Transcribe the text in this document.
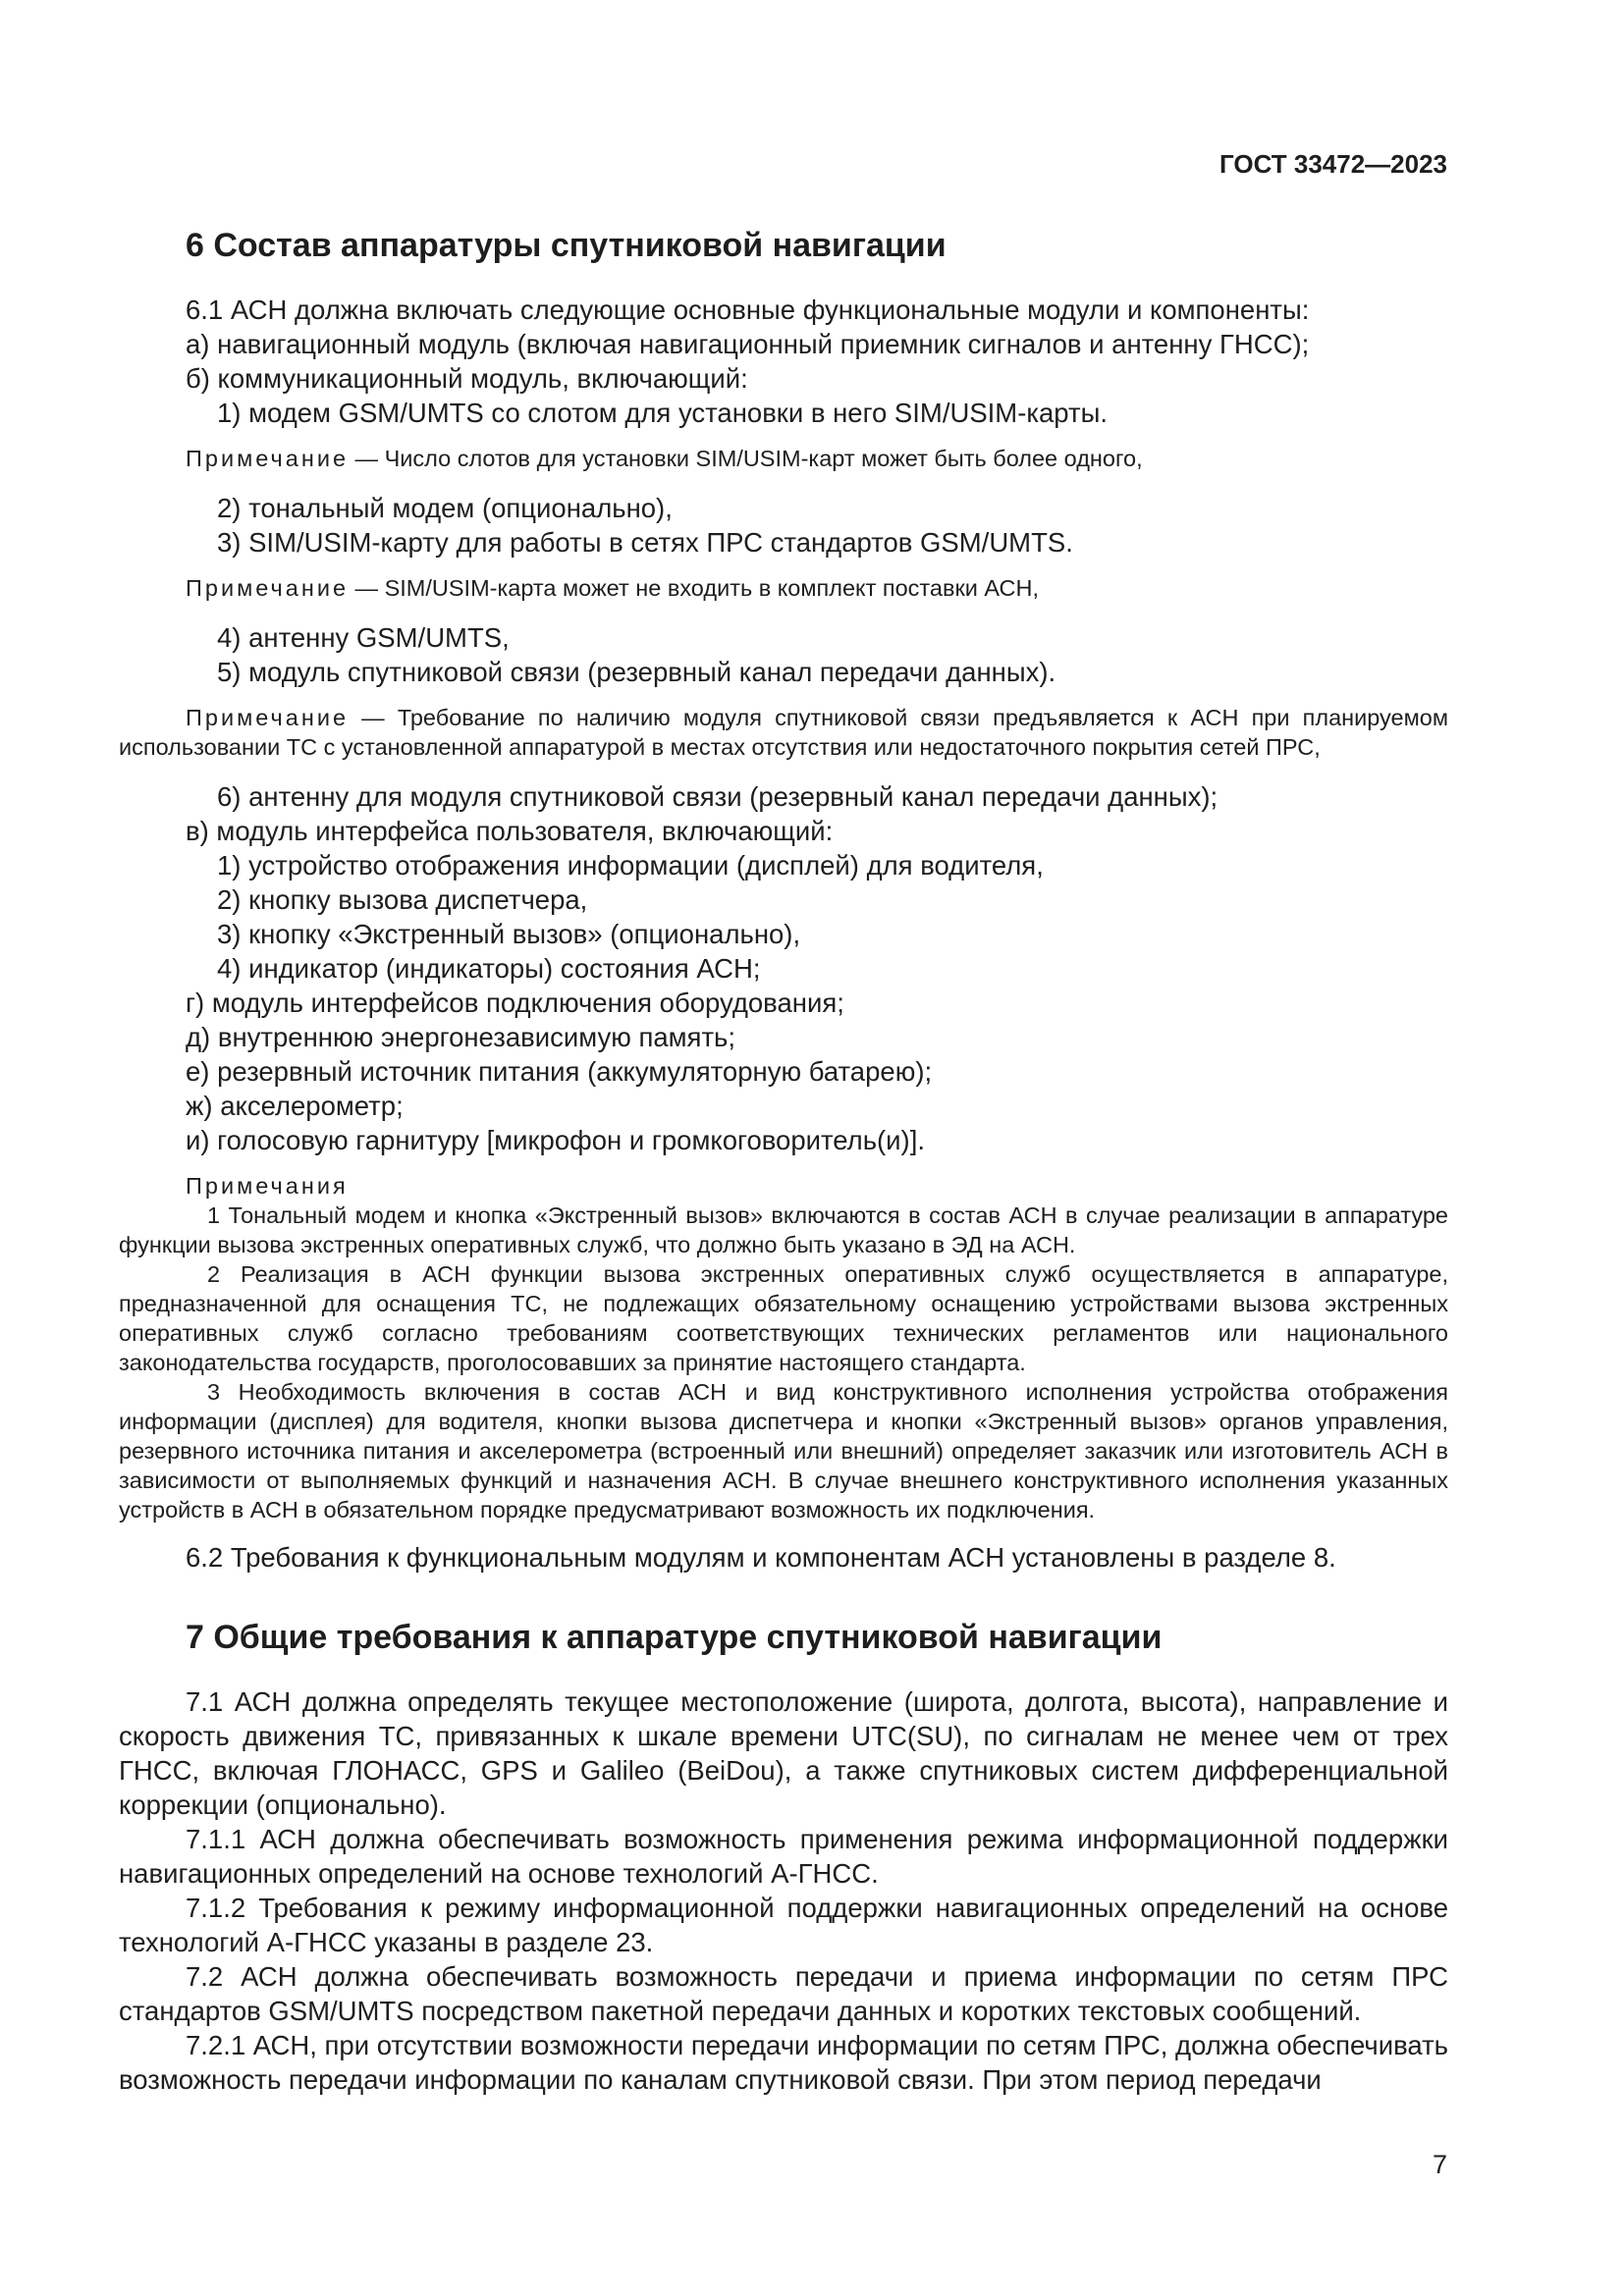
ГОСТ 33472—2023
6 Состав аппаратуры спутниковой навигации

6.1 АСН должна включать следующие основные функциональные модули и компоненты:

а) навигационный модуль (включая навигационный приемник сигналов и антенну ГНСС);

б) коммуникационный модуль, включающий:

1) модем GSM/UMTS со слотом для установки в него SIM/USIM-карты.

Примечание — Число слотов для установки SIM/USIM-карт может быть более одного,

2) тональный модем (опционально),

3) SIM/USIM-карту для работы в сетях ПРС стандартов GSM/UMTS.

Примечание — SIM/USIM-карта может не входить в комплект поставки АСН,

4) антенну GSM/UMTS,

5) модуль спутниковой связи (резервный канал передачи данных).

Примечание — Требование по наличию модуля спутниковой связи предъявляется к АСН при планируемом использовании ТС с установленной аппаратурой в местах отсутствия или недостаточного покрытия сетей ПРС,

6) антенну для модуля спутниковой связи (резервный канал передачи данных);

в) модуль интерфейса пользователя, включающий:

1) устройство отображения информации (дисплей) для водителя,

2) кнопку вызова диспетчера,

3) кнопку «Экстренный вызов» (опционально),

4) индикатор (индикаторы) состояния АСН;

г) модуль интерфейсов подключения оборудования;

д) внутреннюю энергонезависимую память;

е) резервный источник питания (аккумуляторную батарею);

ж) акселерометр;

и) голосовую гарнитуру [микрофон и громкоговоритель(и)].

Примечания

1 Тональный модем и кнопка «Экстренный вызов» включаются в состав АСН в случае реализации в аппаратуре функции вызова экстренных оперативных служб, что должно быть указано в ЭД на АСН.

2 Реализация в АСН функции вызова экстренных оперативных служб осуществляется в аппаратуре, предназначенной для оснащения ТС, не подлежащих обязательному оснащению устройствами вызова экстренных оперативных служб согласно требованиям соответствующих технических регламентов или национального законодательства государств, проголосовавших за принятие настоящего стандарта.

3 Необходимость включения в состав АСН и вид конструктивного исполнения устройства отображения информации (дисплея) для водителя, кнопки вызова диспетчера и кнопки «Экстренный вызов» органов управления, резервного источника питания и акселерометра (встроенный или внешний) определяет заказчик или изготовитель АСН в зависимости от выполняемых функций и назначения АСН. В случае внешнего конструктивного исполнения указанных устройств в АСН в обязательном порядке предусматривают возможность их подключения.

6.2 Требования к функциональным модулям и компонентам АСН установлены в разделе 8.

7 Общие требования к аппаратуре спутниковой навигации

7.1 АСН должна определять текущее местоположение (широта, долгота, высота), направление и скорость движения ТС, привязанных к шкале времени UTC(SU), по сигналам не менее чем от трех ГНСС, включая ГЛОНАСС, GPS и Galileo (BeiDou), а также спутниковых систем дифференциальной коррекции (опционально).

7.1.1 АСН должна обеспечивать возможность применения режима информационной поддержки навигационных определений на основе технологий А-ГНСС.

7.1.2 Требования к режиму информационной поддержки навигационных определений на основе технологий А-ГНСС указаны в разделе 23.

7.2 АСН должна обеспечивать возможность передачи и приема информации по сетям ПРС стандартов GSM/UMTS посредством пакетной передачи данных и коротких текстовых сообщений.

7.2.1 АСН, при отсутствии возможности передачи информации по сетям ПРС, должна обеспечивать возможность передачи информации по каналам спутниковой связи. При этом период передачи

7
